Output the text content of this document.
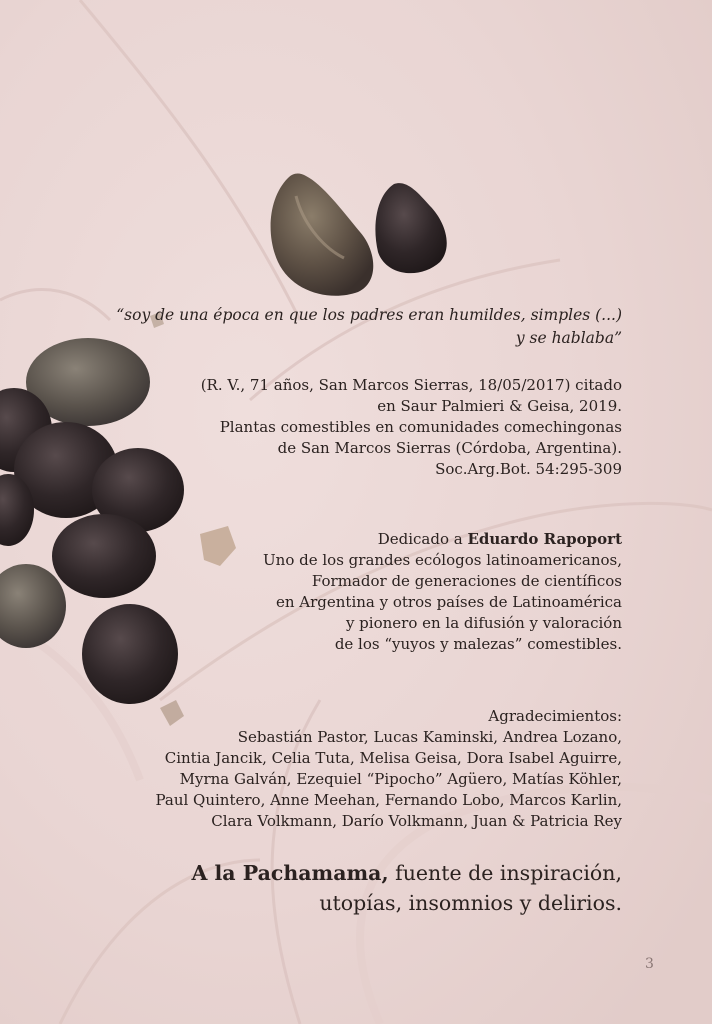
“soy de una época en que los padres eran humildes, simples (...)
y se hablaba”
(R. V., 71 años, San Marcos Sierras, 18/05/2017) citado
en Saur Palmieri & Geisa, 2019.
Plantas comestibles en comunidades comechingonas
de San Marcos Sierras (Córdoba, Argentina).
Soc.Arg.Bot. 54:295-309
Dedicado a Eduardo Rapoport
Uno de los grandes ecólogos latinoamericanos,
Formador de generaciones de científicos
en Argentina y otros países de Latinoamérica
y pionero en la difusión y valoración
de los “yuyos y malezas” comestibles.
Agradecimientos:
Sebastián Pastor, Lucas Kaminski, Andrea Lozano,
Cintia Jancik, Celia Tuta, Melisa Geisa, Dora Isabel Aguirre,
Myrna Galván, Ezequiel “Pipocho” Agüero, Matías Köhler,
Paul Quintero, Anne Meehan, Fernando Lobo, Marcos Karlin,
Clara Volkmann, Darío Volkmann, Juan & Patricia Rey
A la Pachamama, fuente de inspiración,
utopías, insomnios y delirios.
3
